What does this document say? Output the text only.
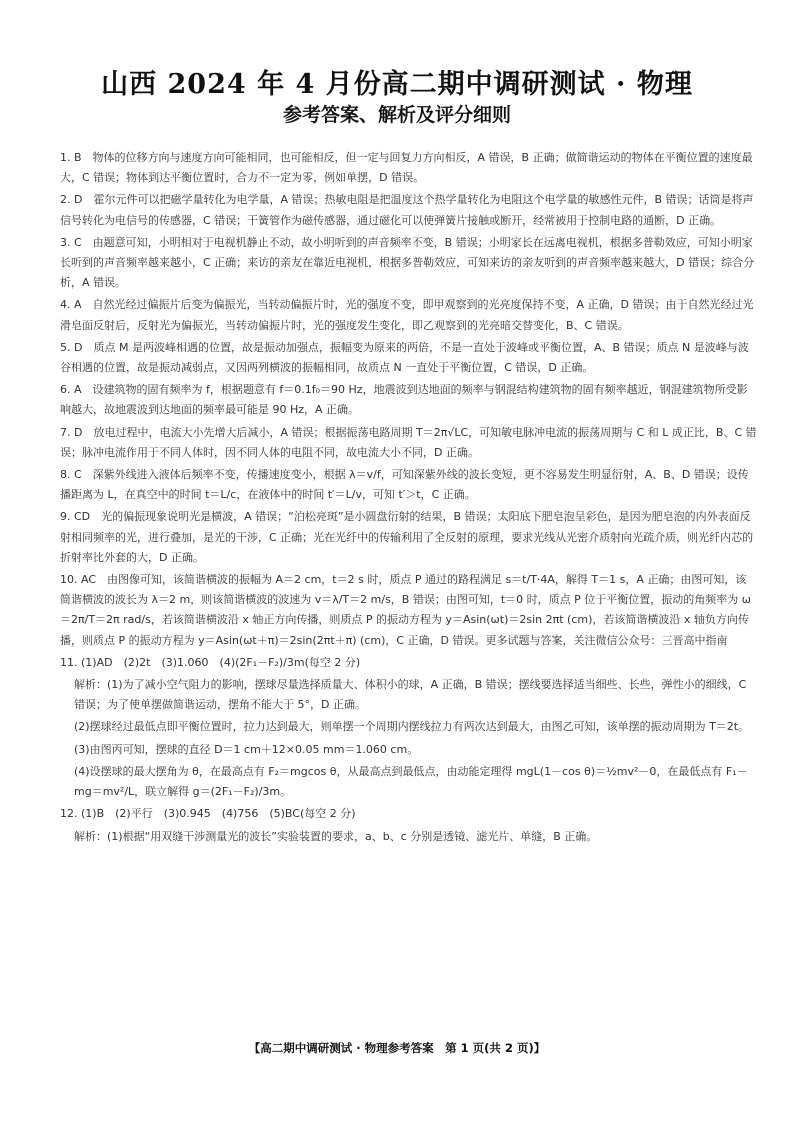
山西 2024 年 4 月份高二期中调研测试 · 物理
参考答案、解析及评分细则
1. B　物体的位移方向与速度方向可能相同，也可能相反，但一定与回复力方向相反，A 错误，B 正确；做简谐运动的物体在平衡位置的速度最大，C 错误；物体到达平衡位置时，合力不一定为零，例如单摆，D 错误。
2. D　霍尔元件可以把磁学量转化为电学量，A 错误；热敏电阻是把温度这个热学量转化为电阻这个电学量的敏感性元件，B 错误；话筒是将声信号转化为电信号的传感器，C 错误；干簧管作为磁传感器，通过磁化可以使弹簧片接触或断开，经常被用于控制电路的通断，D 正确。
3. C　由题意可知，小明相对于电视机静止不动，故小明听到的声音频率不变，B 错误；小明家长在远离电视机，根据多普勒效应，可知小明家长听到的声音频率越来越小，C 正确；来访的亲友在靠近电视机，根据多普勒效应，可知来访的亲友听到的声音频率越来越大，D 错误；综合分析，A 错误。
4. A　自然光经过偏振片后变为偏振光，当转动偏振片时，光的强度不变，即甲观察到的光亮度保持不变，A 正确，D 错误；由于自然光经过光滑皂面反射后，反射光为偏振光，当转动偏振片时，光的强度发生变化，即乙观察到的光亮暗交替变化，B、C 错误。
5. D　质点 M 是两波峰相遇的位置，故是振动加强点，振幅变为原来的两倍，不是一直处于波峰或平衡位置，A、B 错误；质点 N 是波峰与波谷相遇的位置，故是振动减弱点，又因两列横波的振幅相同，故质点 N 一直处于平衡位置，C 错误，D 正确。
6. A　设建筑物的固有频率为 f，根据题意有 f＝0.1f₀＝90 Hz，地震波到达地面的频率与钢混结构建筑物的固有频率越近，钢混建筑物所受影响越大，故地震波到达地面的频率最可能是 90 Hz，A 正确。
7. D　放电过程中，电流大小先增大后减小，A 错误；根据振荡电路周期 T＝2π√LC，可知敏电脉冲电流的振荡周期与 C 和 L 成正比，B、C 错误；脉冲电流作用于不同人体时，因不同人体的电阻不同，故电流大小不同，D 正确。
8. C　深紫外线进入液体后频率不变，传播速度变小，根据 λ＝v/f，可知深紫外线的波长变短，更不容易发生明显衍射，A、B、D 错误；设传播距离为 L，在真空中的时间 t＝L/c，在液体中的时间 t′＝L/v，可知 t′＞t，C 正确。
9. CD　光的偏振现象说明光是横波，A 错误；“泊松亮斑”是小圆盘衍射的结果，B 错误；太阳底下肥皂泡呈彩色，是因为肥皂泡的内外表面反射相同频率的光，进行叠加，是光的干涉，C 正确；光在光纤中的传输利用了全反射的原理，要求光线从光密介质射向光疏介质，则光纤内芯的折射率比外套的大，D 正确。
10. AC　由图像可知，该简谐横波的振幅为 A＝2 cm，t＝2 s 时，质点 P 通过的路程满足 s＝t/T·4A，解得 T＝1 s，A 正确；由图可知，该简谐横波的波长为 λ＝2 m，则该简谐横波的波速为 v＝λ/T＝2 m/s，B 错误；由图可知，t＝0 时，质点 P 位于平衡位置，振动的角频率为 ω＝2π/T＝2π rad/s，若该简谐横波沿 x 轴正方向传播，则质点 P 的振动方程为 y＝Asin(ωt)＝2sin 2πt (cm)，若该简谐横波沿 x 轴负方向传播，则质点 P 的振动方程为 y＝Asin(ωt＋π)＝2sin(2πt＋π) (cm)，C 正确，D 错误。更多试题与答案，关注微信公众号：三晋高中指南
11. (1)AD　(2)2t　(3)1.060　(4)(2F₁－F₂)/3m(每空 2 分)
解析：(1)为了减小空气阻力的影响，摆球尽量选择质量大、体积小的球，A 正确，B 错误；摆线要选择适当细些、长些，弹性小的细线，C 错误；为了使单摆做简谐运动，摆角不能大于 5°，D 正确。
(2)摆球经过最低点即平衡位置时，拉力达到最大，则单摆一个周期内摆线拉力有两次达到最大，由图乙可知，该单摆的振动周期为 T＝2t。
(3)由图丙可知，摆球的直径 D＝1 cm＋12×0.05 mm＝1.060 cm。
(4)设摆球的最大摆角为 θ，在最高点有 F₂＝mgcos θ，从最高点到最低点，由动能定理得 mgL(1－cos θ)＝½mv²－0，在最低点有 F₁－mg＝mv²/L，联立解得 g＝(2F₁－F₂)/3m。
12. (1)B　(2)平行　(3)0.945　(4)756　(5)BC(每空 2 分)
解析：(1)根据“用双缝干涉测量光的波长”实验装置的要求，a、b、c 分别是透镜、滤光片、单缝，B 正确。
【高二期中调研测试 · 物理参考答案　第 1 页(共 2 页)】
